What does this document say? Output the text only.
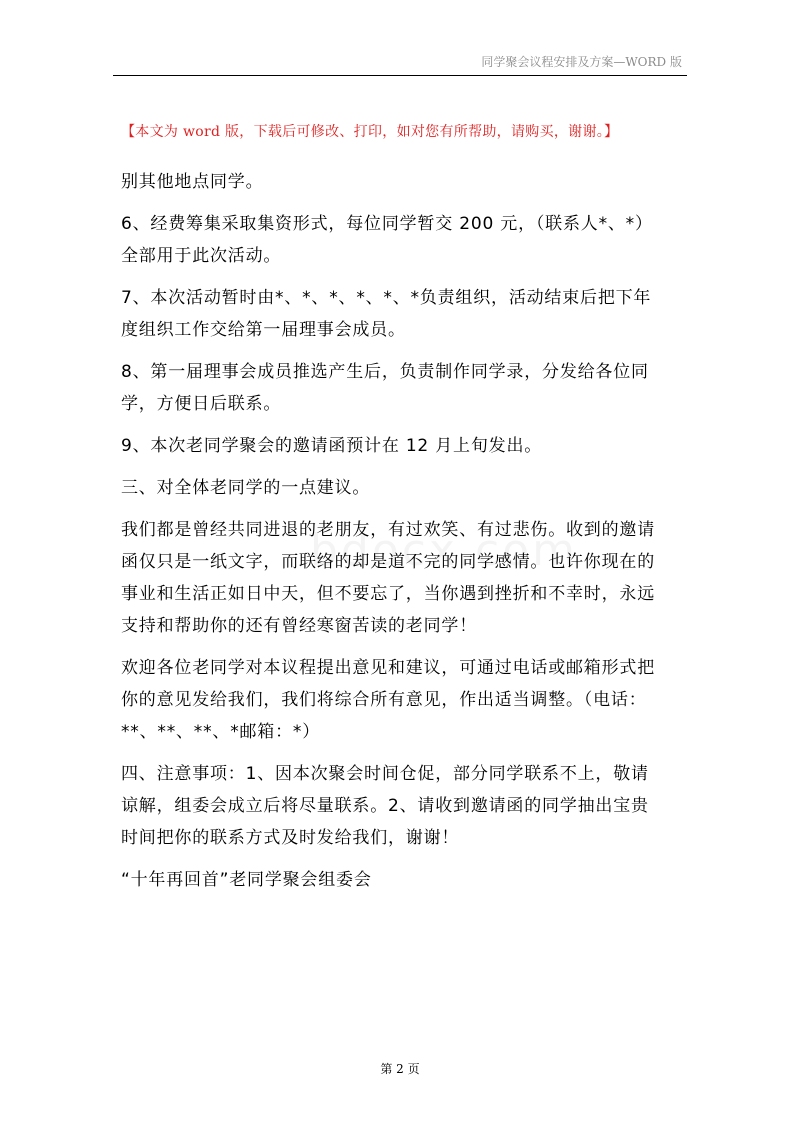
同学聚会议程安排及方案—WORD 版
【本文为 word 版，下载后可修改、打印，如对您有所帮助，请购买，谢谢。】

别其他地点同学。

6、经费筹集采取集资形式，每位同学暂交 200 元，（联系人*、*）
全部用于此次活动。

7、本次活动暂时由*、*、*、*、*、*负责组织，活动结束后把下年
度组织工作交给第一届理事会成员。

8、第一届理事会成员推选产生后，负责制作同学录，分发给各位同
学，方便日后联系。

9、本次老同学聚会的邀请函预计在 12 月上旬发出。

三、对全体老同学的一点建议。

我们都是曾经共同进退的老朋友，有过欢笑、有过悲伤。收到的邀请
函仅只是一纸文字，而联络的却是道不完的同学感情。也许你现在的
事业和生活正如日中天，但不要忘了，当你遇到挫折和不幸时，永远
支持和帮助你的还有曾经寒窗苦读的老同学！

欢迎各位老同学对本议程提出意见和建议，可通过电话或邮箱形式把
你的意见发给我们，我们将综合所有意见，作出适当调整。（电话：
**、**、**、*邮箱：*）

四、注意事项：1、因本次聚会时间仓促，部分同学联系不上，敬请
谅解，组委会成立后将尽量联系。2、请收到邀请函的同学抽出宝贵
时间把你的联系方式及时发给我们，谢谢！

“十年再回首”老同学聚会组委会

第 2 页
